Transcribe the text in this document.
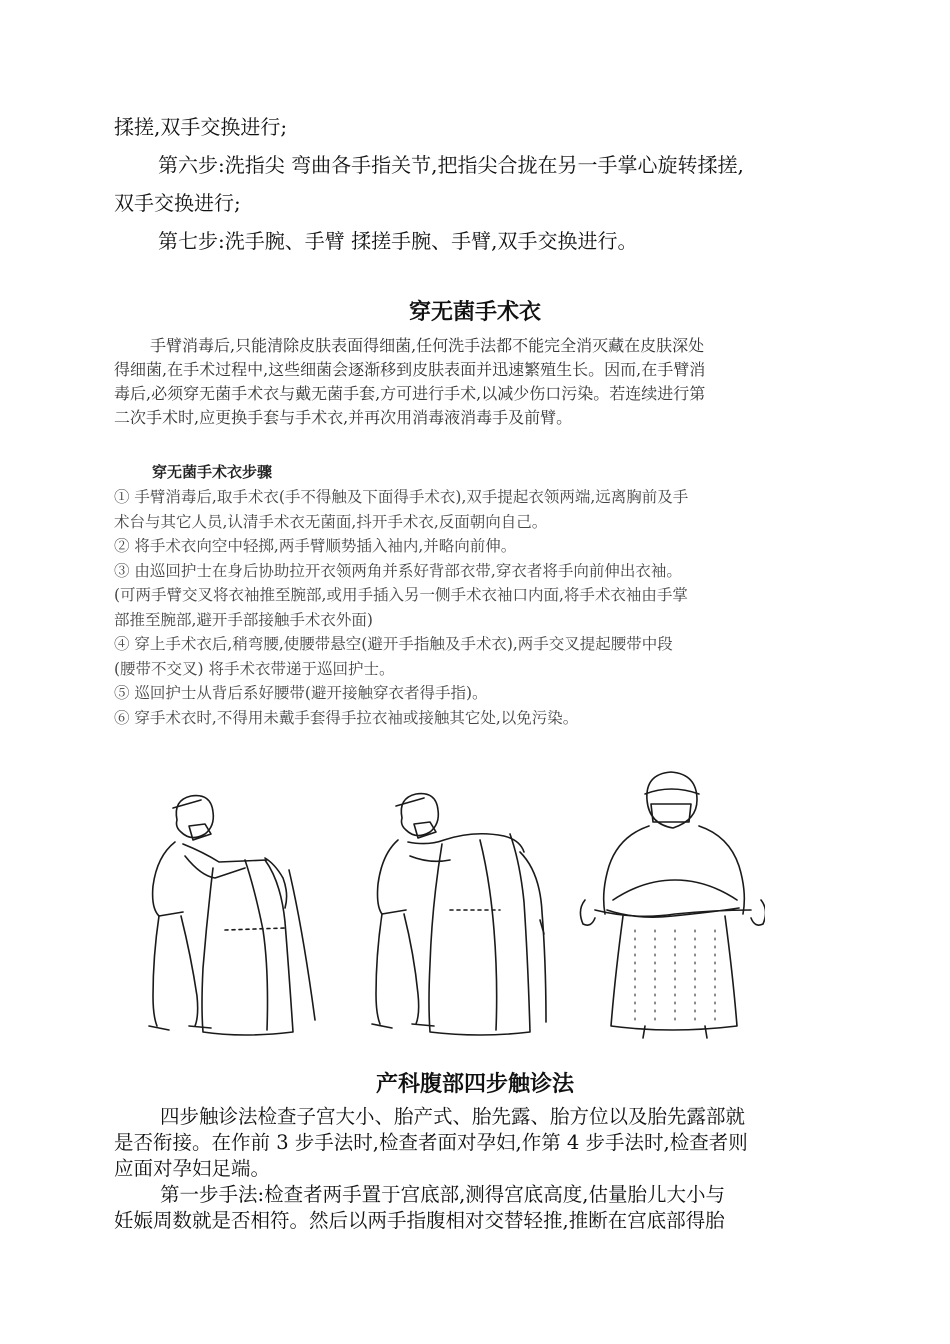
揉搓,双手交换进行;
第六步:洗指尖 弯曲各手指关节,把指尖合拢在另一手掌心旋转揉搓,
双手交换进行;
第七步:洗手腕、手臂 揉搓手腕、手臂,双手交换进行。
穿无菌手术衣
手臂消毒后,只能清除皮肤表面得细菌,任何洗手法都不能完全消灭藏在皮肤深处
得细菌,在手术过程中,这些细菌会逐渐移到皮肤表面并迅速繁殖生长。因而,在手臂消
毒后,必须穿无菌手术衣与戴无菌手套,方可进行手术,以减少伤口污染。若连续进行第
二次手术时,应更换手套与手术衣,并再次用消毒液消毒手及前臂。
穿无菌手术衣步骤
① 手臂消毒后,取手术衣(手不得触及下面得手术衣),双手提起衣领两端,远离胸前及手
术台与其它人员,认清手术衣无菌面,抖开手术衣,反面朝向自己。
② 将手术衣向空中轻掷,两手臂顺势插入袖内,并略向前伸。
③ 由巡回护士在身后协助拉开衣领两角并系好背部衣带,穿衣者将手向前伸出衣袖。
(可两手臂交叉将衣袖推至腕部,或用手插入另一侧手术衣袖口内面,将手术衣袖由手掌
部推至腕部,避开手部接触手术衣外面)
④ 穿上手术衣后,稍弯腰,使腰带悬空(避开手指触及手术衣),两手交叉提起腰带中段
(腰带不交叉) 将手术衣带递于巡回护士。
⑤ 巡回护士从背后系好腰带(避开接触穿衣者得手指)。
⑥ 穿手术衣时,不得用未戴手套得手拉衣袖或接触其它处,以免污染。
产科腹部四步触诊法
四步触诊法检查子宫大小、胎产式、胎先露、胎方位以及胎先露部就
是否衔接。在作前 3 步手法时,检查者面对孕妇,作第 4 步手法时,检查者则
应面对孕妇足端。
第一步手法:检查者两手置于宫底部,测得宫底高度,估量胎儿大小与
妊娠周数就是否相符。然后以两手指腹相对交替轻推,推断在宫底部得胎
